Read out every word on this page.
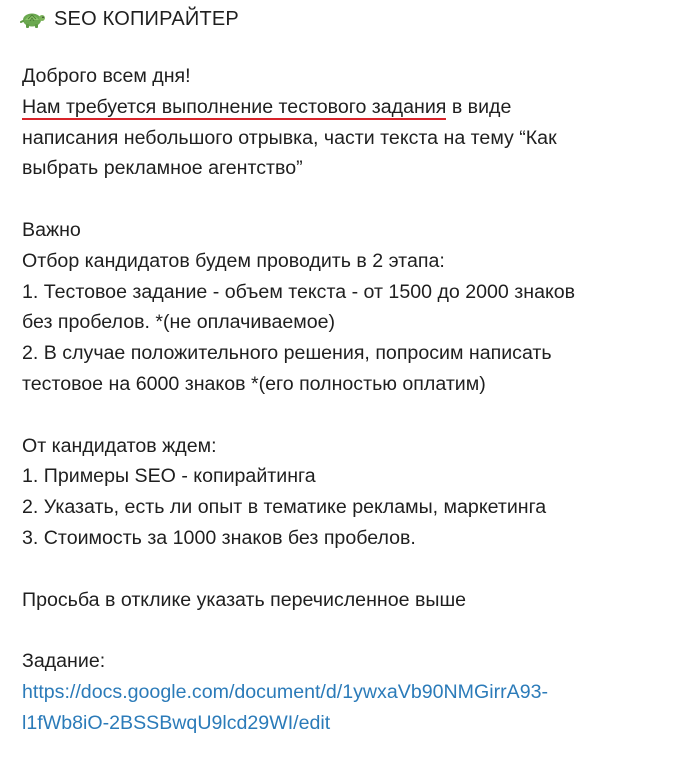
SEO КОПИРАЙТЕР
Доброго всем дня!
Нам требуется выполнение тестового задания в виде
написания небольшого отрывка, части текста на тему “Как
выбрать рекламное агентство”
Важно
Отбор кандидатов будем проводить в 2 этапа:
1. Тестовое задание - объем текста - от 1500 до 2000 знаков
без пробелов. *(не оплачиваемое)
2. В случае положительного решения, попросим написать
тестовое на 6000 знаков *(его полностью оплатим)
От кандидатов ждем:
1. Примеры SEO - копирайтинга
2. Указать, есть ли опыт в тематике рекламы, маркетинга
3. Стоимость за 1000 знаков без пробелов.
Просьба в отклике указать перечисленное выше
Задание:
https://docs.google.com/document/d/1ywxaVb90NMGirrA93-
l1fWb8iO-2BSSBwqU9lcd29WI/edit
